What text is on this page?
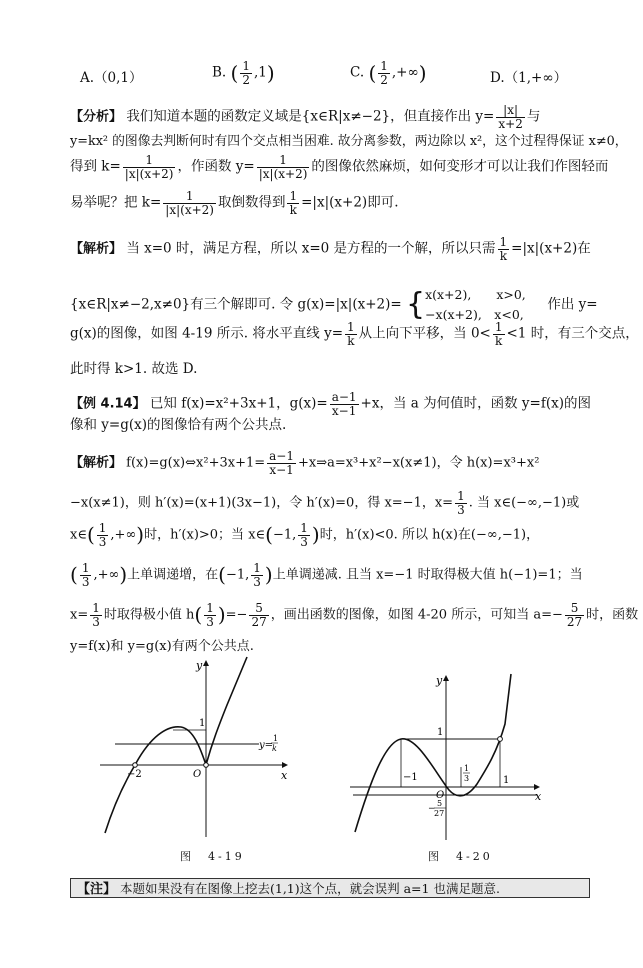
A.（0,1）	B. ( $\frac{1}{2} ,1$)	C. ( $\frac{1}{2}$ ,+∞)	D.（1,+∞）
【分析】 我们知道本题的函数定义域是{x∈R|x≠−2}，但直接作出 $y= \frac{|x|}{x+2}$ 与
y=kx² 的图像去判断何时有四个交点相当困难. 故分离参数，两边除以 x²，这个过程得保证 x≠0，
得到 $k= \frac{1}{|x|(x+2)}$ ，作函数 $y= \frac{1}{|x|(x+2)}$ 的图像依然麻烦，如何变形才可以让我们作图轻而
易举呢？把 $k= \frac{1}{|x|(x+2)}$ 取倒数得到 $\frac{1}{k} =|x|(x+2)$即可.
【解析】 当 x=0 时，满足方程，所以 x=0 是方程的一个解，所以只需 $\frac{1}{k} =|x|(x+2)$在
{x∈R|x≠−2,x≠0}有三个解即可. 令 g(x)=|x|(x+2)= { x(x+2),　　x>0,
−x(x+2),　x<0,
作出 y=
g(x)的图像，如图 4-19 所示. 将水平直线 $y= \frac{1}{k}$ 从上向下平移，当 $0< \frac{1}{k} <1$ 时，有三个交点，
此时得 k>1. 故选 D.
【例 4.14】 已知 f(x)=x²+3x+1，$g(x)= \frac{a-1}{x-1} +x$，当 a 为何值时，函数 y=f(x)的图
像和 y=g(x)的图像恰有两个公共点.
【解析】 f(x)=g(x)⇔x²+3x+1= $\frac{a-1}{x-1}$ +x⇒a=x³+x²−x(x≠1)，令 h(x)=x³+x²
−x(x≠1)，则 h′(x)=(x+1)(3x−1)，令 h′(x)=0，得 x=−1，$x= \frac{1}{3}$ . 当 x∈(−∞,−1)或
x∈( $\frac{1}{3}$ ,+∞)时，h′(x)>0；当 x∈(−1, $\frac{1}{3}$ )时，h′(x)<0. 所以 h(x)在(−∞,−1)，
( $\frac{1}{3}$ ,+∞)上单调递增，在(−1, $\frac{1}{3}$ )上单调递减. 且当 x=−1 时取得极大值 h(−1)=1；当
$x= \frac{1}{3}$ 时取得极小值 $h( \frac{1}{3}$ )=− $\frac{5}{27}$ ，画出函数的图像，如图 4-20 所示，可知当 $a=- \frac{5}{27}$ 时，函数
y=f(x)和 y=g(x)有两个公共点.
y
x
O
−2
1
y=
1
k
图　4-19
y
x
O
1
−1	1
1
3
−
5
27
图　4-20
【注】 本题如果没有在图像上挖去(1,1)这个点，就会误判 a=1 也满足题意.
